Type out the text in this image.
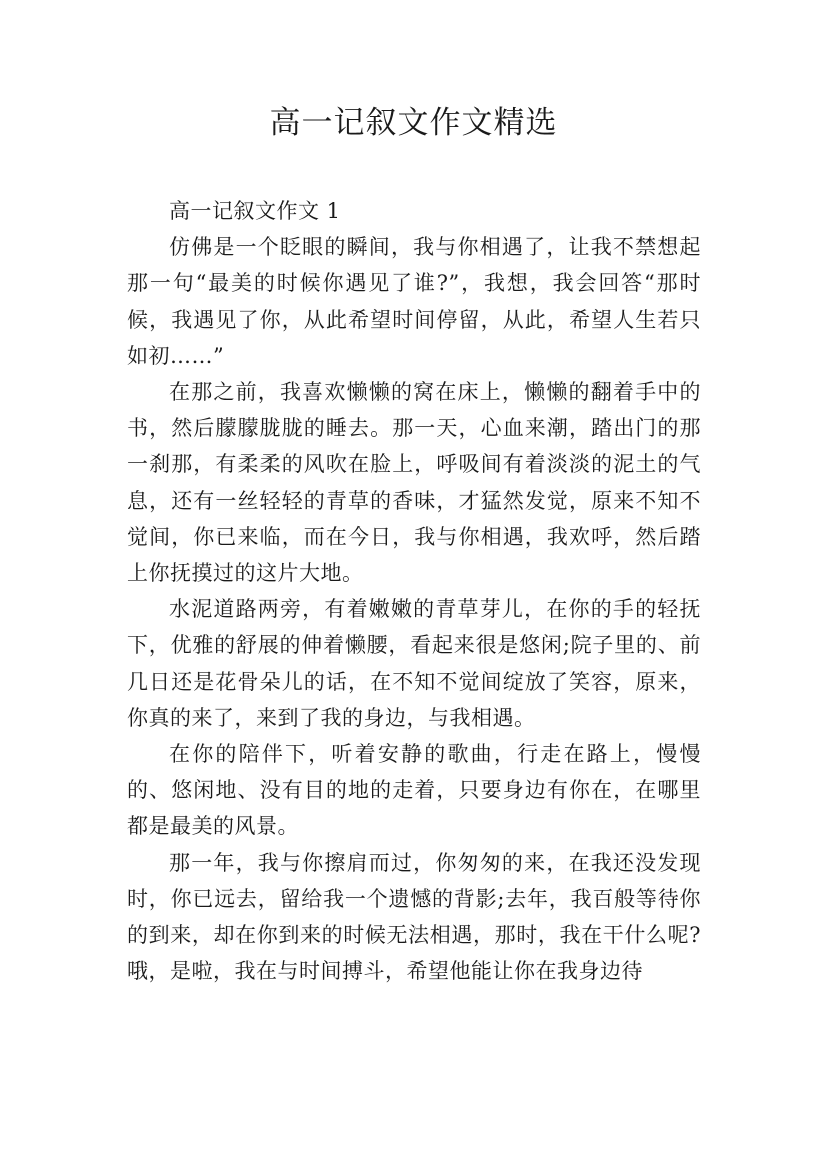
高一记叙文作文精选

高一记叙文作文 1

仿佛是一个眨眼的瞬间，我与你相遇了，让我不禁想起那一句“最美的时候你遇见了谁?”，我想，我会回答“那时候，我遇见了你，从此希望时间停留，从此，希望人生若只如初……”

在那之前，我喜欢懒懒的窝在床上，懒懒的翻着手中的书，然后朦朦胧胧的睡去。那一天，心血来潮，踏出门的那一刹那，有柔柔的风吹在脸上，呼吸间有着淡淡的泥土的气息，还有一丝轻轻的青草的香味，才猛然发觉，原来不知不觉间，你已来临，而在今日，我与你相遇，我欢呼，然后踏上你抚摸过的这片大地。

水泥道路两旁，有着嫩嫩的青草芽儿，在你的手的轻抚下，优雅的舒展的伸着懒腰，看起来很是悠闲;院子里的、前几日还是花骨朵儿的话，在不知不觉间绽放了笑容，原来，你真的来了，来到了我的身边，与我相遇。

在你的陪伴下，听着安静的歌曲，行走在路上，慢慢的、悠闲地、没有目的地的走着，只要身边有你在，在哪里都是最美的风景。

那一年，我与你擦肩而过，你匆匆的来，在我还没发现时，你已远去，留给我一个遗憾的背影;去年，我百般等待你的到来，却在你到来的时候无法相遇，那时，我在干什么呢?哦，是啦，我在与时间搏斗，希望他能让你在我身边待
